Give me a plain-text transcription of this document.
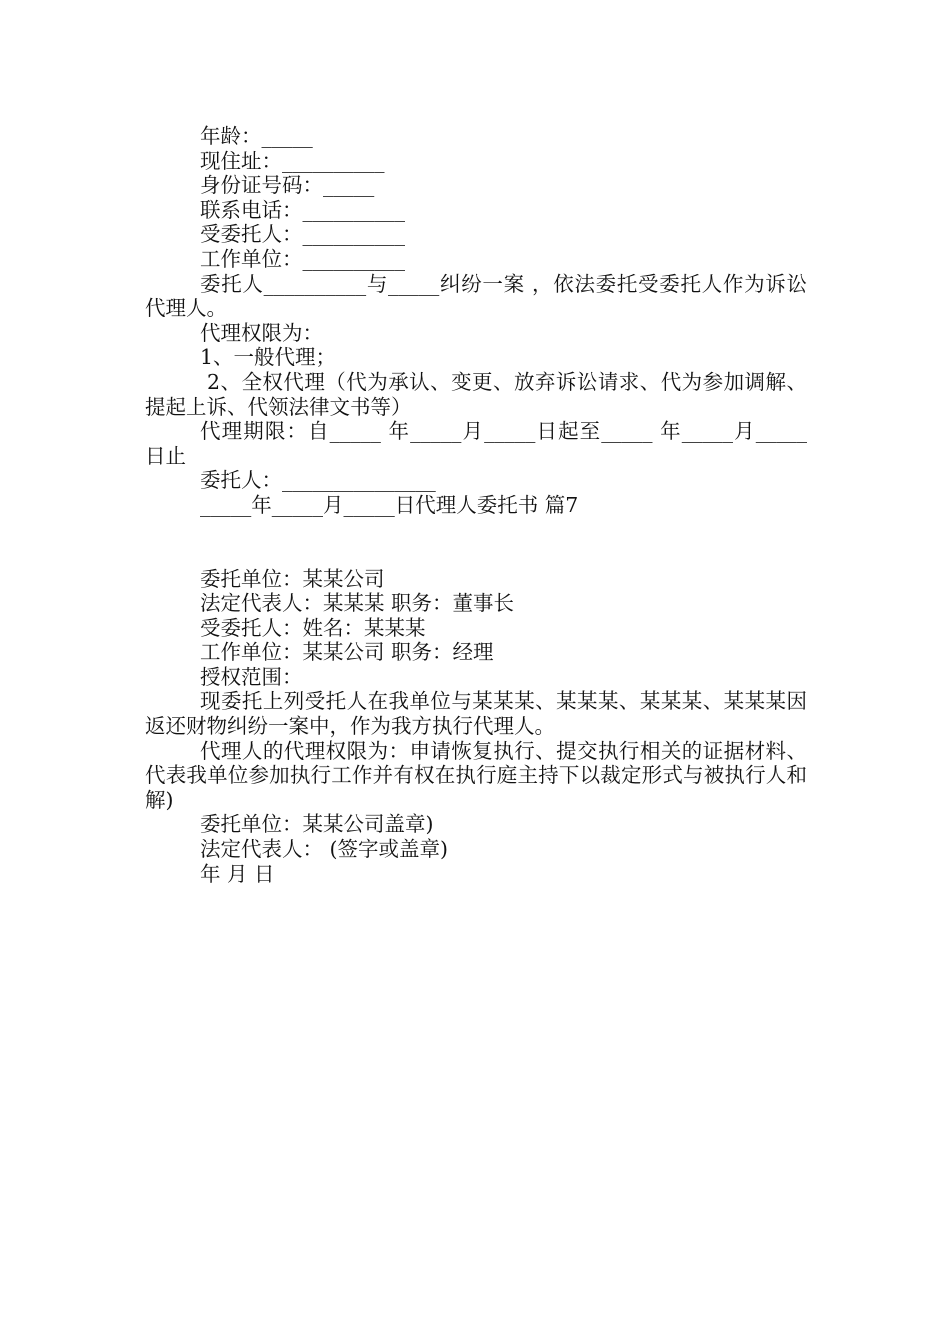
年龄：_____

现住址：__________

身份证号码：_____

联系电话：__________

受委托人：__________

工作单位：__________

委托人__________与_____纠纷一案 ，依法委托受委托人作为诉讼代理人。

代理权限为：

1、一般代理；

2、全权代理（代为承认、变更、放弃诉讼请求、代为参加调解、提起上诉、代领法律文书等）

代理期限：自_____ 年_____月_____日起至_____ 年_____月_____日止

委托人：_______________

_____年_____月_____日代理人委托书 篇7

委托单位：某某公司

法定代表人：某某某 职务：董事长

受委托人：姓名：某某某

工作单位：某某公司 职务：经理

授权范围：

现委托上列受托人在我单位与某某某、某某某、某某某、某某某因返还财物纠纷一案中，作为我方执行代理人。

代理人的代理权限为：申请恢复执行、提交执行相关的证据材料、代表我单位参加执行工作并有权在执行庭主持下以裁定形式与被执行人和解)

委托单位：某某公司盖章)

法定代表人： (签字或盖章)

年 月 日
